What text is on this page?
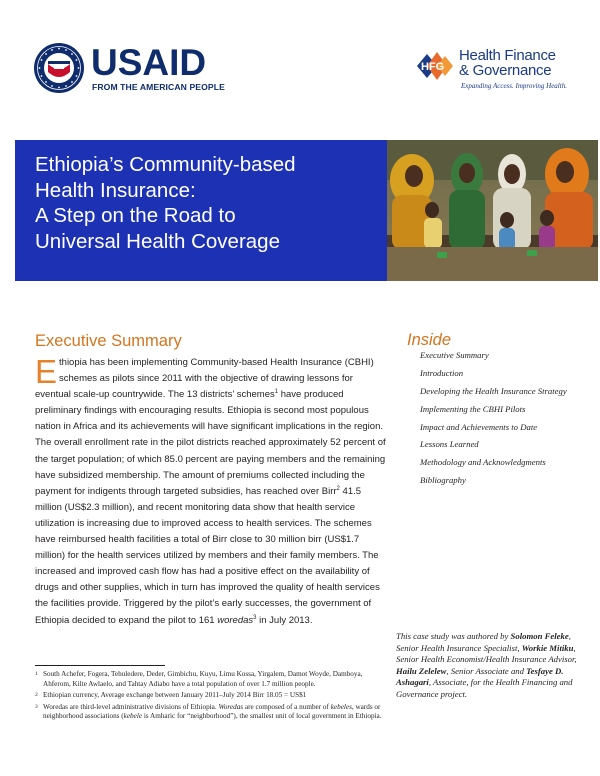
USAID
FROM THE AMERICAN PEOPLE
HFG
Health Finance
& Governance
Expanding Access. Improving Health.
Ethiopia’s Community-based
Health Insurance:
A Step on the Road to
Universal Health Coverage
Executive Summary

Ethiopia has been implementing Community-based Health Insurance (CBHI) schemes as pilots since 2011 with the objective of drawing lessons for eventual scale-up countrywide. The 13 districts’ schemes$^1$ have produced preliminary findings with encouraging results. Ethiopia is second most populous nation in Africa and its achievements will have significant implications in the region. The overall enrollment rate in the pilot districts reached approximately 52 percent of the target population; of which 85.0 percent are paying members and the remaining have subsidized membership. The amount of premiums collected including the payment for indigents through targeted subsidies, has reached over Birr$^2$ 41.5 million (US$2.3 million), and recent monitoring data show that health service utilization is increasing due to improved access to health services. The schemes have reimbursed health facilities a total of Birr close to 30 million birr (US$1.7 million) for the health services utilized by members and their family members. The increased and improved cash flow has had a positive effect on the availability of drugs and other supplies, which in turn has improved the quality of health services the facilities provide. Triggered by the pilot’s early successes, the government of Ethiopia decided to expand the pilot to 161 woredas$^3$ in July 2013.

1 South Achefer, Fogera, Tehuledere, Deder, Gimbichu, Kuyu, Limu Kossa, Yirgalem, Damot Woyde, Damboya, Ahferom, Kilte Awlaelo, and Tahtay Adiabo have a total population of over 1.7 million people.
2 Ethiopian currency, Average exchange between January 2011–July 2014 Birr 18.05 = US$1
3 Woredas are third-level administrative divisions of Ethiopia. Woredas are composed of a number of kebeles, wards or neighborhood associations (kebele is Amharic for “neighborhood”), the smallest unit of local government in Ethiopia.
Inside
Executive Summary
Introduction
Developing the Health Insurance Strategy
Implementing the CBHI Pilots
Impact and Achievements to Date
Lessons Learned
Methodology and Acknowledgments
Bibliography
This case study was authored by Solomon Feleke, Senior Health Insurance Specialist, Workie Mitiku, Senior Health Economist/Health Insurance Advisor, Hailu Zelelew, Senior Associate and Tesfaye D. Ashagari, Associate, for the Health Financing and Governance project.
